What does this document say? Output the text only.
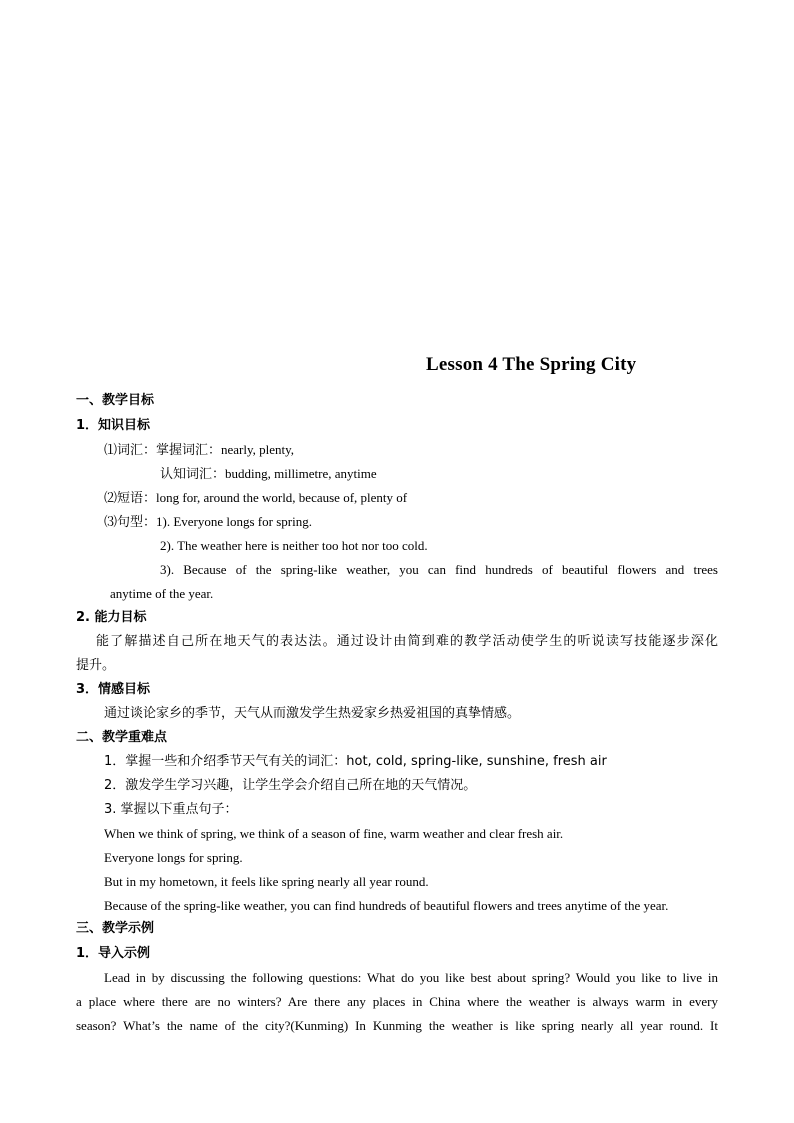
Lesson 4 The Spring City
一、教学目标
1．知识目标
⑴词汇：掌握词汇：nearly, plenty,
认知词汇：budding, millimetre, anytime
⑵短语：long for, around the world, because of, plenty of
⑶句型：1). Everyone longs for spring.
2). The weather here is neither too hot nor too cold.
3). Because of the spring-like weather, you can find hundreds of beautiful flowers and trees
anytime of the year.
2. 能力目标
能了解描述自己所在地天气的表达法。通过设计由简到难的教学活动使学生的听说读写技能逐步深化
提升。
3．情感目标
通过谈论家乡的季节，天气从而激发学生热爱家乡热爱祖国的真挚情感。
二、教学重难点
1．掌握一些和介绍季节天气有关的词汇：hot, cold, spring-like, sunshine, fresh air
2．激发学生学习兴趣，让学生学会介绍自己所在地的天气情况。
3. 掌握以下重点句子：
When we think of spring, we think of a season of fine, warm weather and clear fresh air.
Everyone longs for spring.
But in my hometown, it feels like spring nearly all year round.
Because of the spring-like weather, you can find hundreds of beautiful flowers and trees anytime of the year.
三、教学示例
1．导入示例
Lead in by discussing the following questions: What do you like best about spring? Would you like to live in
a place where there are no winters? Are there any places in China where the weather is always warm in every
season? What’s the name of the city?(Kunming) In Kunming the weather is like spring nearly all year round. It
